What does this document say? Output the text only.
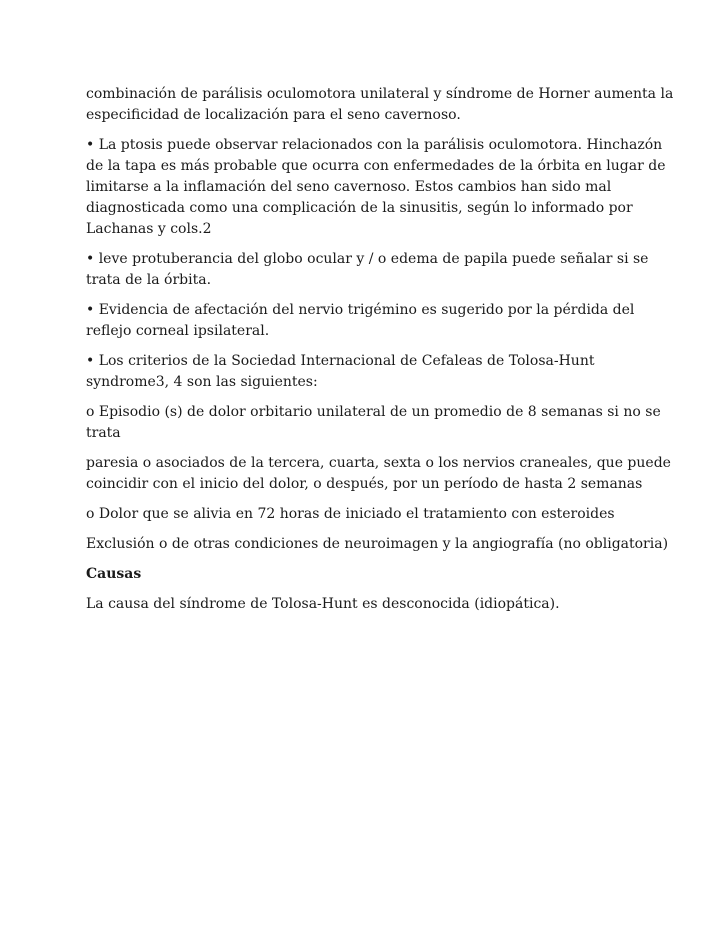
combinación de parálisis oculomotora unilateral y síndrome de Horner aumenta la
especificidad de localización para el seno cavernoso.

• La ptosis puede observar relacionados con la parálisis oculomotora. Hinchazón
de la tapa es más probable que ocurra con enfermedades de la órbita en lugar de
limitarse a la inflamación del seno cavernoso. Estos cambios han sido mal
diagnosticada como una complicación de la sinusitis, según lo informado por
Lachanas y cols.2

• leve protuberancia del globo ocular y / o edema de papila puede señalar si se
trata de la órbita.

• Evidencia de afectación del nervio trigémino es sugerido por la pérdida del
reflejo corneal ipsilateral.

• Los criterios de la Sociedad Internacional de Cefaleas de Tolosa-Hunt
syndrome3, 4 son las siguientes:

o Episodio (s) de dolor orbitario unilateral de un promedio de 8 semanas si no se
trata

paresia o asociados de la tercera, cuarta, sexta o los nervios craneales, que puede
coincidir con el inicio del dolor, o después, por un período de hasta 2 semanas

o Dolor que se alivia en 72 horas de iniciado el tratamiento con esteroides

Exclusión o de otras condiciones de neuroimagen y la angiografía (no obligatoria)

Causas

La causa del síndrome de Tolosa-Hunt es desconocida (idiopática).
